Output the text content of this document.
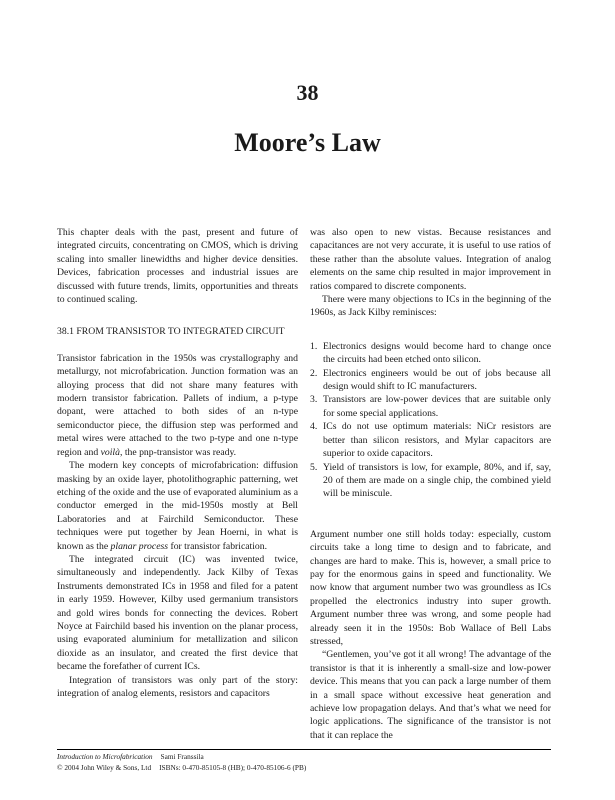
38
Moore’s Law

This chapter deals with the past, present and future of integrated circuits, concentrating on CMOS, which is driving scaling into smaller linewidths and higher device densities. Devices, fabrication processes and industrial issues are discussed with future trends, limits, opportunities and threats to continued scaling.

38.1 FROM TRANSISTOR TO INTEGRATED CIRCUIT

Transistor fabrication in the 1950s was crystallography and metallurgy, not microfabrication. Junction formation was an alloying process that did not share many features with modern transistor fabrication. Pallets of indium, a p-type dopant, were attached to both sides of an n-type semiconductor piece, the diffusion step was performed and metal wires were attached to the two p-type and one n-type region and voilà, the pnp-transistor was ready.

The modern key concepts of microfabrication: diffusion masking by an oxide layer, photolithographic patterning, wet etching of the oxide and the use of evaporated aluminium as a conductor emerged in the mid-1950s mostly at Bell Laboratories and at Fairchild Semiconductor. These techniques were put together by Jean Hoerni, in what is known as the planar process for transistor fabrication.

The integrated circuit (IC) was invented twice, simultaneously and independently. Jack Kilby of Texas Instruments demonstrated ICs in 1958 and filed for a patent in early 1959. However, Kilby used germanium transistors and gold wires bonds for connecting the devices. Robert Noyce at Fairchild based his invention on the planar process, using evaporated aluminium for metallization and silicon dioxide as an insulator, and created the first device that became the forefather of current ICs.

Integration of transistors was only part of the story: integration of analog elements, resistors and capacitors

was also open to new vistas. Because resistances and capacitances are not very accurate, it is useful to use ratios of these rather than the absolute values. Integration of analog elements on the same chip resulted in major improvement in ratios compared to discrete components.

There were many objections to ICs in the beginning of the 1960s, as Jack Kilby reminisces:

1. Electronics designs would become hard to change once the circuits had been etched onto silicon.
2. Electronics engineers would be out of jobs because all design would shift to IC manufacturers.
3. Transistors are low-power devices that are suitable only for some special applications.
4. ICs do not use optimum materials: NiCr resistors are better than silicon resistors, and Mylar capacitors are superior to oxide capacitors.
5. Yield of transistors is low, for example, 80%, and if, say, 20 of them are made on a single chip, the combined yield will be miniscule.

Argument number one still holds today: especially, custom circuits take a long time to design and to fabricate, and changes are hard to make. This is, however, a small price to pay for the enormous gains in speed and functionality. We now know that argument number two was groundless as ICs propelled the electronics industry into super growth. Argument number three was wrong, and some people had already seen it in the 1950s: Bob Wallace of Bell Labs stressed,

“Gentlemen, you’ve got it all wrong! The advantage of the transistor is that it is inherently a small-size and low-power device. This means that you can pack a large number of them in a small space without excessive heat generation and achieve low propagation delays. And that’s what we need for logic applications. The significance of the transistor is not that it can replace the

Introduction to Microfabrication Sami Franssila
© 2004 John Wiley & Sons, Ltd ISBNs: 0-470-85105-8 (HB); 0-470-85106-6 (PB)
